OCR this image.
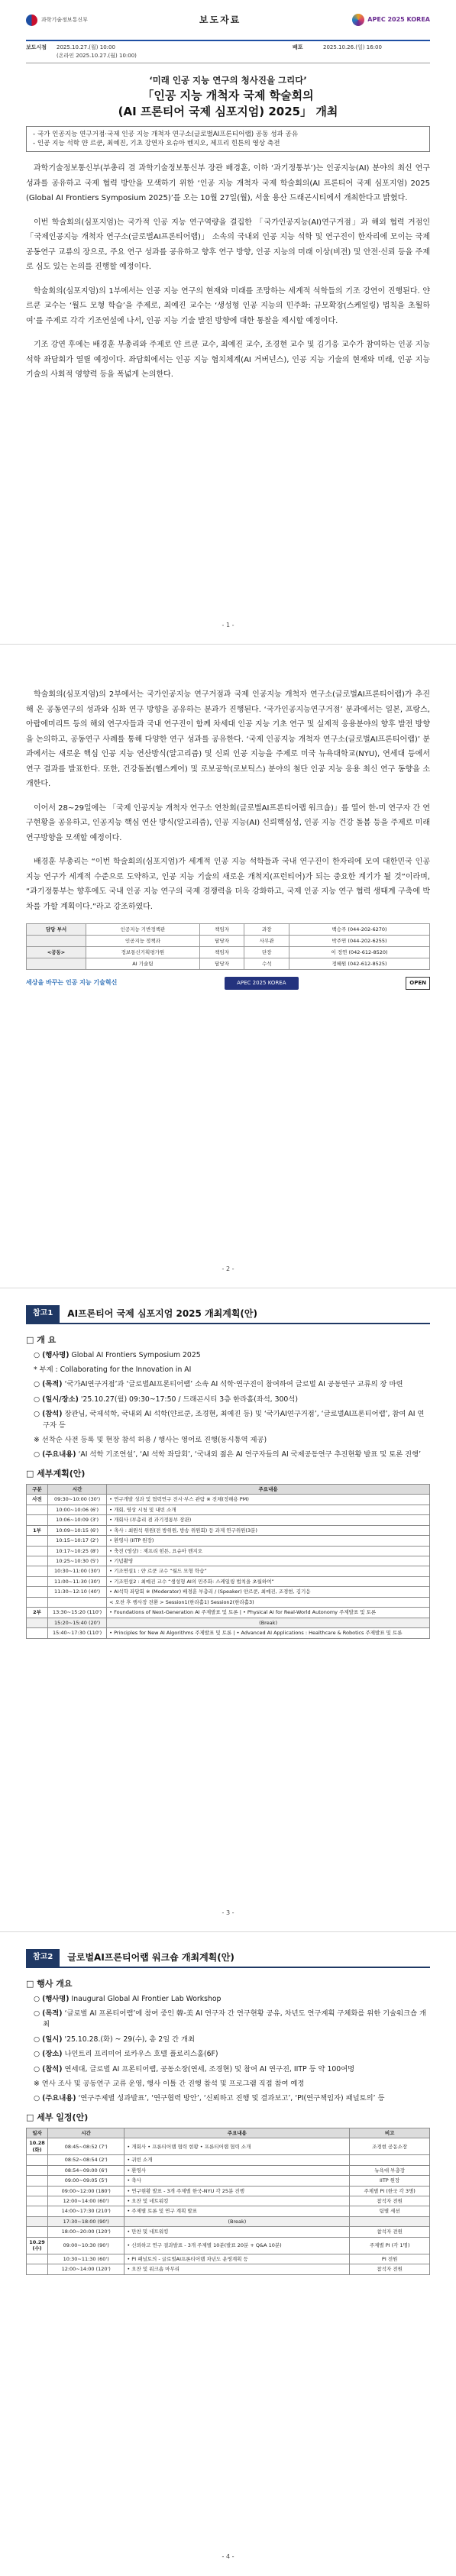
과학기술정보통신부	보도자료	APEC 2025 KOREA
보도시점	2025.10.27.(월) 10:00
(온라인 2025.10.27.(월) 10:00)
배포	2025.10.26.(일) 16:00
‘미래 인공 지능 연구의 청사진을 그리다’
「인공 지능 개척자 국제 학술회의
(AI 프론티어 국제 심포지엄) 2025」 개최
- 국가 인공지능 연구거점·국제 인공 지능 개척자 연구소(글로벌AI프론티어랩) 공동 성과 공유
- 인공 지능 석학 얀 르쿤, 최예진, 기초 강연자 요슈아 벤지오, 제프리 힌튼의 영상 축전

과학기술정보통신부(부총리 겸 과학기술정보통신부 장관 배경훈, 이하 ‘과기정통부’)는 인공지능(AI) 분야의 최신 연구 성과를 공유하고 국제 협력 방안을 모색하기 위한 ‘인공 지능 개척자 국제 학술회의(AI 프론티어 국제 심포지엄) 2025 (Global AI Frontiers Symposium 2025)’를 오는 10월 27일(월), 서울 용산 드래곤시티에서 개최한다고 밝혔다.

이번 학술회의(심포지엄)는 국가적 인공 지능 연구역량을 결집한 「국가인공지능(AI)연구거점」과 해외 협력 거점인 「국제인공지능 개척자 연구소(글로벌AI프론티어랩)」 소속의 국내외 인공 지능 석학 및 연구진이 한자리에 모이는 국제 공동연구 교류의 장으로, 주요 연구 성과를 공유하고 향후 연구 방향, 인공 지능의 미래 이상(비전) 및 안전·신뢰 등을 주제로 심도 있는 논의를 진행할 예정이다.

학술회의(심포지엄)의 1부에서는 인공 지능 연구의 현재와 미래를 조망하는 세계적 석학들의 기조 강연이 진행된다. 얀 르쿤 교수는 ‘월드 모형 학습’을 주제로, 최예진 교수는 ‘생성형 인공 지능의 민주화: 규모확장(스케일링) 법칙을 초월하여’를 주제로 각각 기조연설에 나서, 인공 지능 기술 발전 방향에 대한 통찰을 제시할 예정이다.

기조 강연 후에는 배경훈 부총리와 주제로 얀 르쿤 교수, 최예진 교수, 조경현 교수 및 김기응 교수가 참여하는 인공 지능 석학 좌담회가 열릴 예정이다. 좌담회에서는 인공 지능 협치체계(AI 거버넌스), 인공 지능 기술의 현재와 미래, 인공 지능 기술의 사회적 영향력 등을 폭넓게 논의한다.

- 1 -

학술회의(심포지엄)의 2부에서는 국가인공지능 연구거점과 국제 인공지능 개척자 연구소(글로벌AI프론티어랩)가 추진해 온 공동연구의 성과와 심화 연구 방향을 공유하는 분과가 진행된다. ‘국가인공지능연구거점’ 분과에서는 일본, 프랑스, 아랍에미리트 등의 해외 연구자들과 국내 연구진이 함께 차세대 인공 지능 기초 연구 및 실제적 응용분야의 향후 발전 방향을 논의하고, 공동연구 사례를 통해 다양한 연구 성과를 공유한다. ‘국제 인공지능 개척자 연구소(글로벌AI프론티어랩)’ 분과에서는 새로운 핵심 인공 지능 연산방식(알고리즘) 및 신뢰 인공 지능을 주제로 미국 뉴욕대학교(NYU), 연세대 등에서 연구 결과를 발표한다. 또한, 건강돌봄(헬스케어) 및 로보공학(로보틱스) 분야의 첨단 인공 지능 응용 최신 연구 동향을 소개한다.

이어서 28~29일에는 「국제 인공지능 개척자 연구소 연찬회(글로벌AI프론티어랩 워크숍)」를 열어 한-미 연구자 간 연구현황을 공유하고, 인공지능 핵심 연산 방식(알고리즘), 인공 지능(AI) 신뢰핵심성, 인공 지능 건강 돌봄 등을 주제로 미래 연구방향을 모색할 예정이다.

배경훈 부총리는 “이번 학술회의(심포지엄)가 세계적 인공 지능 석학들과 국내 연구진이 한자리에 모여 대한민국 인공 지능 연구가 세계적 수준으로 도약하고, 인공 지능 기술의 새로운 개척지(프런티어)가 되는 중요한 계기가 될 것”이라며, “과기정통부는 향후에도 국내 인공 지능 연구의 국제 경쟁력을 더욱 강화하고, 국제 인공 지능 연구 협력 생태계 구축에 박차를 가할 계획이다.”라고 강조하였다.

담당 부서	인공지능 기반정책관	책임자	과장	백승주 (044-202-6270)
	인공지능 정책과	담당자	사무관	박주연 (044-202-6255)
<공동>	정보통신기획평가원	책임자	단장	이 정연 (042-612-8520)
	AI 기술팀	담당자	수석	정혜원 (042-612-8525)
세상을 바꾸는 인공 지능 기술혁신	APEC 2025 KOREA	OPEN
- 2 -
참고1	AI프론티어 국제 심포지엄 2025 개최계획(안)
□ 개 요
○ (행사명) Global AI Frontiers Symposium 2025
* 부제 : Collaborating for the Innovation in AI
○ (목적) ‘국가AI연구거점’과 ‘글로벌AI프론티어랩’ 소속 AI 석학·연구진이 참여하여 글로벌 AI 공동연구 교류의 장 마련
○ (일시/장소) '25.10.27(월) 09:30~17:50 / 드래곤시티 3층 한라홀(좌석, 300석)
○ (참석) 장관님, 국제석학, 국내외 AI 석학(얀르쿤, 조경현, 최예진 등) 및 ‘국가AI연구거점’, ‘글로벌AI프론티어랩’, 참여 AI 연구자 등
※ 선착순 사전 등록 및 현장 참석 허용 / 행사는 영어로 진행(동시통역 제공)
○ (주요내용) ‘AI 석학 기조연설’, ‘AI 석학 좌담회’, ‘국내외 젊은 AI 연구자들의 AI 국제공동연구 추진현황 발표 및 토론 진행’
□ 세부계획(안)
구분	시간	주요내용
사전	09:30~10:00 (30')	• 연구개발 성과 및 협력연구 전시·부스 관람 ※ 전체(정해용 PM)
	10:00~10:06 (6')	• 개회, 영상 시청 및 내빈 소개
	10:06~10:09 (3')	• 개회사 (부총리 겸 과기정통부 장관)
1부	10:09~10:15 (6')	• 축사 : 최원석 위원(전 방위원, 방송 위원회) 등 과제 연구위원(3분)
	10:15~10:17 (2')	• 환영사 (IITP 원장)
	10:17~10:25 (8')	• 축전 (영상) : 제프리 힌튼, 요슈아 벤지오
	10:25~10:30 (5')	• 기념촬영
	10:30~11:00 (30')	• 기조연설1 : 얀 르쿤 교수 “월드 모형 학습”
	11:00~11:30 (30')	• 기조연설2 : 최예진 교수 “생성형 AI의 민주화: 스케일링 법칙을 초월하여”
	11:30~12:10 (40')	• AI석학 좌담회 ※ (Moderator) 배경훈 부총리 / (Speaker) 얀르쿤, 최예진, 조경현, 김기응
		< 오찬 후 행사장 전환 > Session1(한라홀1) Session2(한라홀3)
2부	13:30~15:20 (110')	• Foundations of Next-Generation AI 주제발표 및 토론 | • Physical AI for Real-World Autonomy 주제발표 및 토론
	15:20~15:40 (20')	(Break)
	15:40~17:30 (110')	• Principles for New AI Algorithms 주제발표 및 토론 | • Advanced AI Applications : Healthcare & Robotics 주제발표 및 토론
- 3 -
참고2	글로벌AI프론티어랩 워크숍 개최계획(안)
□ 행사 개요
○ (행사명) Inaugural Global AI Frontier Lab Workshop
○ (목적) ‘글로벌 AI 프론티어랩’에 참여 중인 韓-美 AI 연구자 간 연구현황 공유, 차년도 연구계획 구체화를 위한 기술워크숍 개최
○ (일시) '25.10.28.(화) ~ 29(수), 총 2일 간 개최
○ (장소) 나인트리 프리미어 로카우스 호텔 플로리스홀(6F)
○ (참석) 연세대, 글로벌 AI 프론티어랩, 공동소장(연세, 조경현) 및 참여 AI 연구진, IITP 등 약 100여명
※ 연사 조사 및 공동연구 교류 운영, 행사 이틀 간 진행 참석 및 프로그램 직접 참여 예정
○ (주요내용) ‘연구주제별 성과발표’, ‘연구협력 방안’, ‘신뢰하고 진행 및 결과보고’, ‘PI(연구책임자) 패널토의’ 등
□ 세부 일정(안)
일자	시간	주요내용	비고
10.28 (화)	08:45~08:52 (7')	• 개회사 • 프론티어랩 협력 현황 • 프론티어랩 협력 소개	조경현 공동소장
	08:52~08:54 (2')	• 귀빈 소개	
	08:54~09:00 (6')	• 환영사	뉴욕대 부총장
	09:00~09:05 (5')	• 축사	IITP 원장
	09:00~12:00 (180')	• 연구현황 발표 - 3개 주제별 한국-NYU 각 25분 진행	주제별 PI (한국 각 3명)
	12:00~14:00 (60')	• 오찬 및 네트워킹	참석자 전원
	14:00~17:30 (210')	• 주제별 토론 및 연구 계획 발표	팀별 세션
	17:30~18:00 (90')	(Break)	
	18:00~20:00 (120')	• 만찬 및 네트워킹	참석자 전원
10.29 (수)	09:00~10:30 (90')	• 신뢰하고 연구 결과발표 - 3개 주제별 10분(발표 20분 + Q&A 10분)	주제별 PI (각 1명)
	10:30~11:30 (60')	• PI 패널토의 - 글로벌AI프론티어랩 차년도 운영계획 등	PI 전원
	12:00~14:00 (120')	• 오찬 및 워크숍 마무리	참석자 전원
- 4 -
